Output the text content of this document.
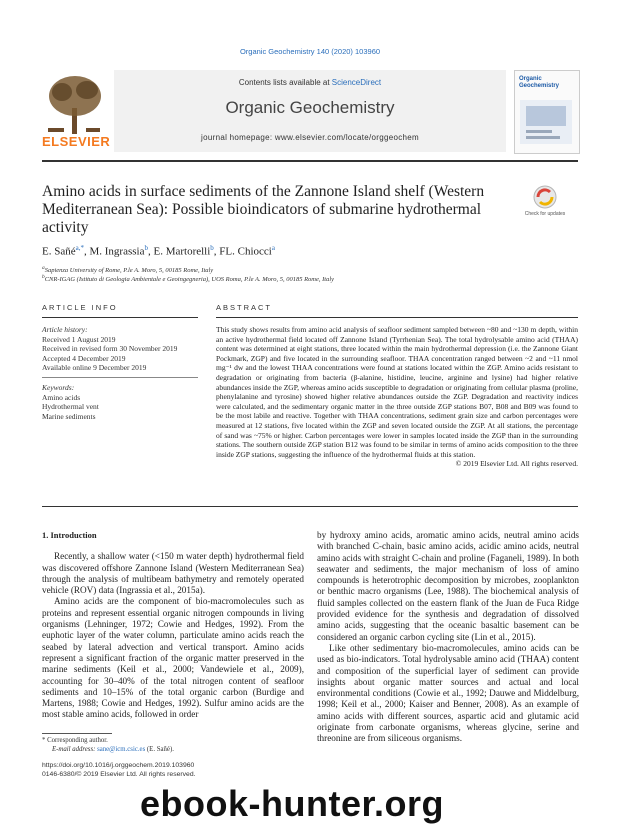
Organic Geochemistry 140 (2020) 103960
ELSEVIER
Contents lists available at ScienceDirect
Organic Geochemistry
journal homepage: www.elsevier.com/locate/orggeochem
Organic Geochemistry
Amino acids in surface sediments of the Zannone Island shelf (Western Mediterranean Sea): Possible bioindicators of submarine hydrothermal activity
Check for updates
E. Sañé$^{a,*}$, M. Ingrassia$^b$, E. Martorelli$^b$, FL. Chiocci$^a$
$^a$Sapienza University of Rome, P.le A. Moro, 5, 00185 Rome, Italy
$^b$CNR-IGAG (Istituto di Geologia Ambientale e Geoingegneria), UOS Roma, P.le A. Moro, 5, 00185 Rome, Italy
ARTICLE INFO	ABSTRACT
Article history:
Received 1 August 2019
Received in revised form 30 November 2019
Accepted 4 December 2019
Available online 9 December 2019
Keywords:
Amino acids
Hydrothermal vent
Marine sediments

This study shows results from amino acid analysis of seafloor sediment sampled between ~80 and ~130 m depth, within an active hydrothermal field located off Zannone Island (Tyrrhenian Sea). The total hydrolysable amino acid (THAA) content was determined at eight stations, three located within the main hydrothermal depression (i.e. the Zannone Giant Pockmark, ZGP) and five located in the surrounding seafloor. THAA concentration ranged between ~2 and ~11 nmol mg⁻¹ dw and the lowest THAA concentrations were found at stations located within the ZGP. Amino acids resistant to degradation or originating from bacteria (β-alanine, histidine, leucine, arginine and lysine) had higher relative abundances inside the ZGP, whereas amino acids susceptible to degradation or originating from cellular plasma (proline, phenylalanine and tyrosine) showed higher relative abundances outside the ZGP. Degradation and reactivity indices were calculated, and the sedimentary organic matter in the three outside ZGP stations B07, B08 and B09 was found to be the most labile and reactive. Together with THAA concentrations, sediment grain size and carbon percentages were measured at 12 stations, five located within the ZGP and seven located outside the ZGP. At all stations, the percentage of sand was ~75% or higher. Carbon percentages were lower in samples located inside the ZGP than in the surrounding stations. The southern outside ZGP station B12 was found to be similar in terms of amino acids composition to the three inside ZGP stations, suggesting the influence of the hydrothermal fluids at this station.

© 2019 Elsevier Ltd. All rights reserved.

1. Introduction

Recently, a shallow water (<150 m water depth) hydrothermal field was discovered offshore Zannone Island (Western Mediterranean Sea) through the analysis of multibeam bathymetry and remotely operated vehicle (ROV) data (Ingrassia et al., 2015a).

Amino acids are the component of bio-macromolecules such as proteins and represent essential organic nitrogen compounds in living organisms (Lehninger, 1972; Cowie and Hedges, 1992). From the euphotic layer of the water column, particulate amino acids reach the seabed by lateral advection and vertical transport. Amino acids represent a significant fraction of the organic matter preserved in the marine sediments (Keil et al., 2000; Vandewiele et al., 2009), accounting for 30–40% of the total nitrogen content of seafloor sediments and 10–15% of the total organic carbon (Burdige and Martens, 1988; Cowie and Hedges, 1992). Sulfur amino acids are the most stable amino acids, followed in order

by hydroxy amino acids, aromatic amino acids, neutral amino acids with branched C-chain, basic amino acids, acidic amino acids, neutral amino acids with straight C-chain and proline (Faganeli, 1989). In both seawater and sediments, the major mechanism of loss of amino compounds is heterotrophic decomposition by microbes, zooplankton or benthic macro organisms (Lee, 1988). The biochemical analysis of fluid samples collected on the eastern flank of the Juan de Fuca Ridge provided evidence for the synthesis and degradation of dissolved amino acids, suggesting that the oceanic basaltic basement can be considered an organic carbon cycling site (Lin et al., 2015).

Like other sedimentary bio-macromolecules, amino acids can be used as bio-indicators. Total hydrolysable amino acid (THAA) content and composition of the superficial layer of sediment can provide insights about organic matter sources and actual and local environmental conditions (Cowie et al., 1992; Dauwe and Middelburg, 1998; Keil et al., 2000; Kaiser and Benner, 2008). As an example of amino acids with different sources, aspartic acid and glutamic acid originate from carbonate organisms, whereas glycine, serine and threonine are from siliceous organisms.

* Corresponding author.
E-mail address: sane@icm.csic.es (E. Sañé).
https://doi.org/10.1016/j.orggeochem.2019.103960
0146-6380/© 2019 Elsevier Ltd. All rights reserved.
ebook-hunter.org
